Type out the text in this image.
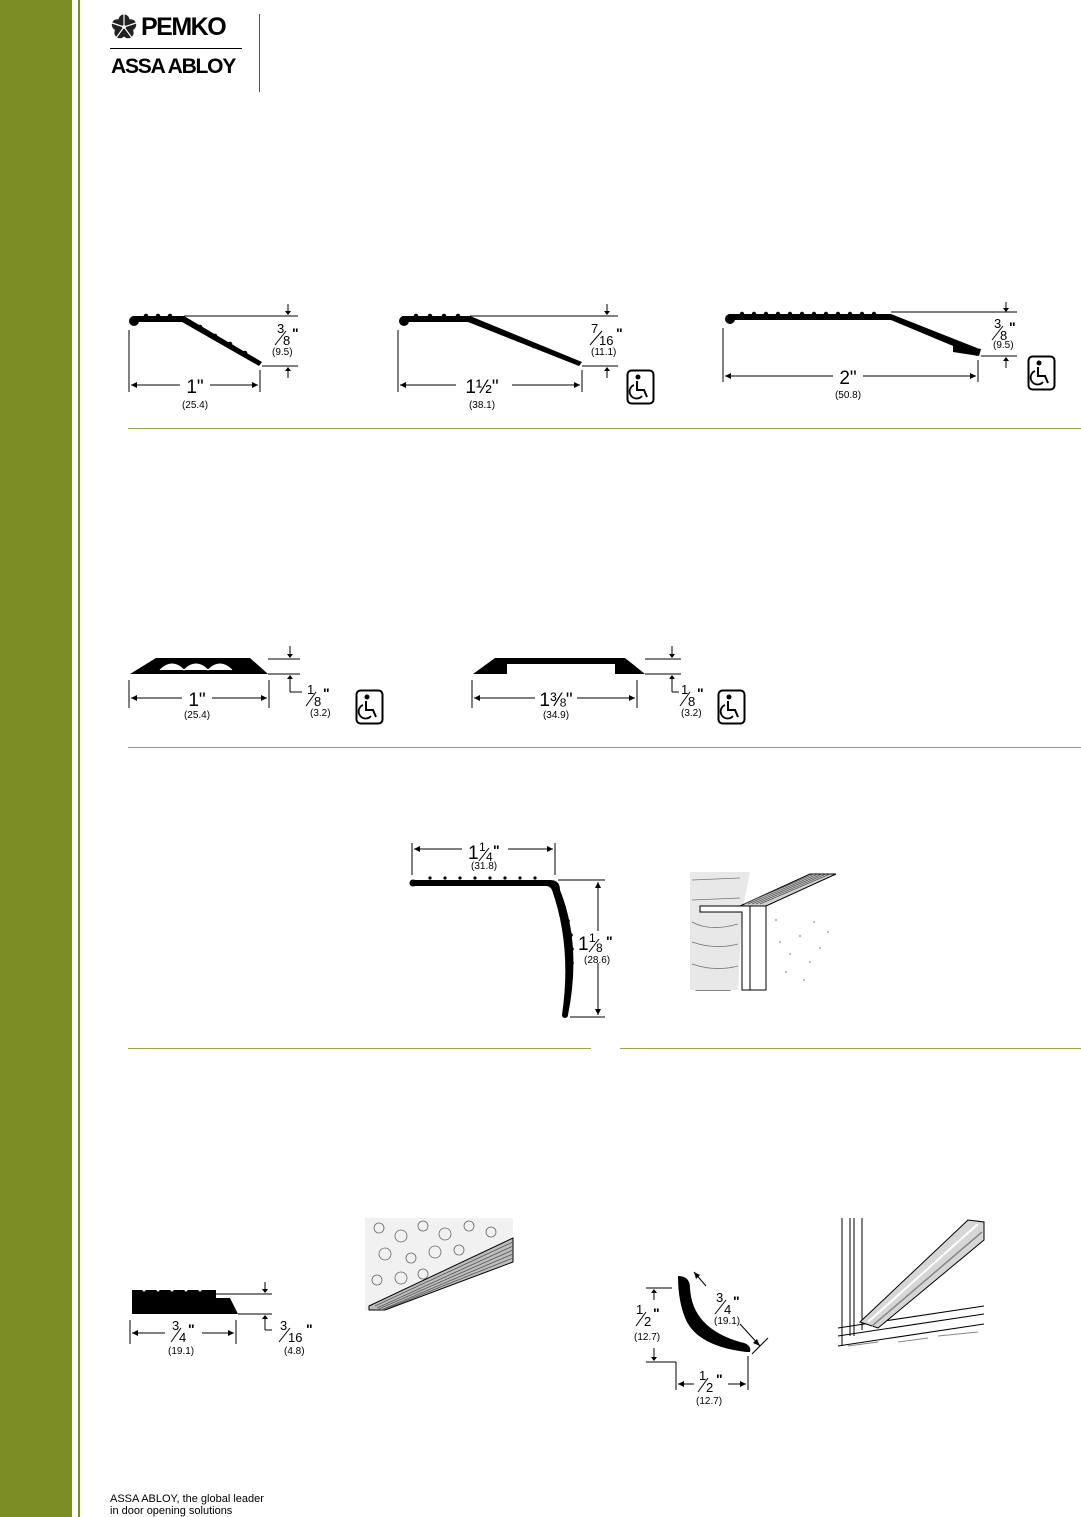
PEMKO
ASSA ABLOY
1"
(25.4)
3
8 "
(9.5)
1½"
(38.1)
7
16 "
(11.1)
2"
(50.8)
3
8
"
(9.5)
1"
(25.4)
1
8
"
(3.2)
1⅜"
(34.9)
1
8
"
(3.2)
1 1
4 "
(31.8)
1 1
8 "
(28.6)
3
4
"
(19.1)
3
16
"
(4.8)
1
2
"
(12.7)
3
4
"
(19.1)
1
2
"
(12.7)
ASSA ABLOY, the global leader
in door opening solutions
